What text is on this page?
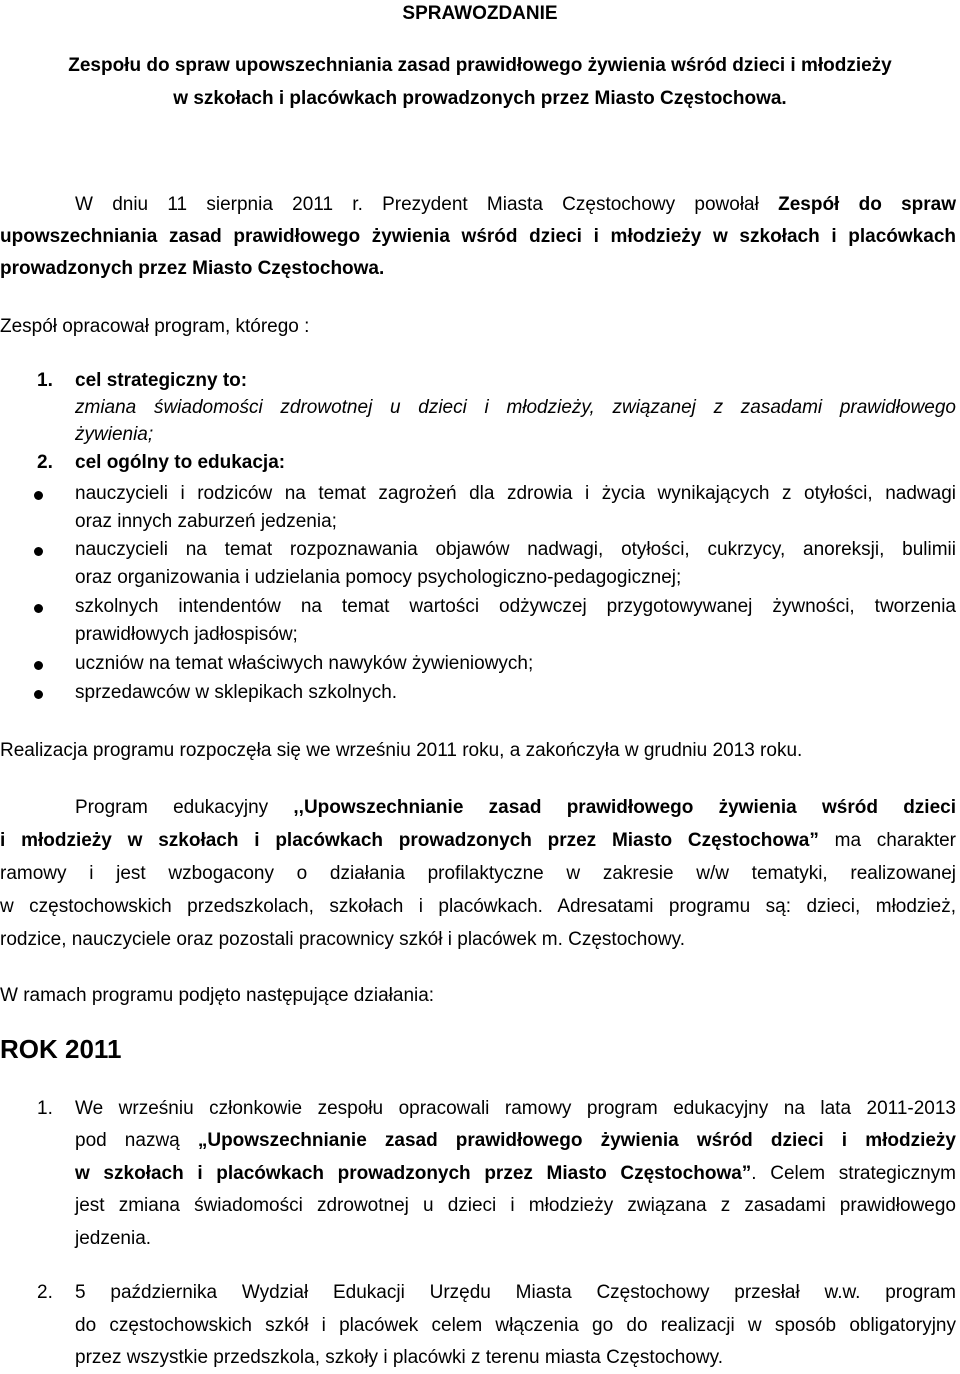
SPRAWOZDANIE

Zespołu do spraw upowszechniania zasad prawidłowego żywienia wśród dzieci i młodzieży

w szkołach i placówkach prowadzonych przez Miasto Częstochowa.

W dniu 11 sierpnia 2011 r. Prezydent Miasta Częstochowy powołał Zespół do spraw
upowszechniania zasad prawidłowego żywienia wśród dzieci i młodzieży w szkołach i placówkach
prowadzonych przez Miasto Częstochowa.
Zespół opracował program, którego :
1.	cel strategiczny to:
zmiana świadomości zdrowotnej u dzieci i młodzieży, związanej z zasadami prawidłowego
żywienia;
2.	cel ogólny to edukacja:
nauczycieli i rodziców na temat zagrożeń dla zdrowia i życia wynikających z otyłości, nadwagi
oraz innych zaburzeń jedzenia;
nauczycieli na temat rozpoznawania objawów nadwagi, otyłości, cukrzycy, anoreksji, bulimii
oraz organizowania i udzielania pomocy psychologiczno-pedagogicznej;
szkolnych intendentów na temat wartości odżywczej przygotowywanej żywności, tworzenia
prawidłowych jadłospisów;
uczniów na temat właściwych nawyków żywieniowych;
sprzedawców w sklepikach szkolnych.
Realizacja programu rozpoczęła się we wrześniu 2011 roku, a zakończyła w grudniu 2013 roku.
Program edukacyjny ,,Upowszechnianie zasad prawidłowego żywienia wśród dzieci
i młodzieży w szkołach i placówkach prowadzonych przez Miasto Częstochowa” ma charakter
ramowy i jest wzbogacony o działania profilaktyczne w zakresie w/w tematyki, realizowanej
w częstochowskich przedszkolach, szkołach i placówkach. Adresatami programu są: dzieci, młodzież,
rodzice, nauczyciele oraz pozostali pracownicy szkół i placówek m. Częstochowy.
W ramach programu podjęto następujące działania:
ROK 2011
1.	We wrześniu członkowie zespołu opracowali ramowy program edukacyjny na lata 2011-2013
pod nazwą „Upowszechnianie zasad prawidłowego żywienia wśród dzieci i młodzieży
w szkołach i placówkach prowadzonych przez Miasto Częstochowa”. Celem strategicznym
jest zmiana świadomości zdrowotnej u dzieci i młodzieży związana z zasadami prawidłowego
jedzenia.
2.	5 października Wydział Edukacji Urzędu Miasta Częstochowy przesłał w.w. program
do częstochowskich szkół i placówek celem włączenia go do realizacji w sposób obligatoryjny
przez wszystkie przedszkola, szkoły i placówki z terenu miasta Częstochowy.
